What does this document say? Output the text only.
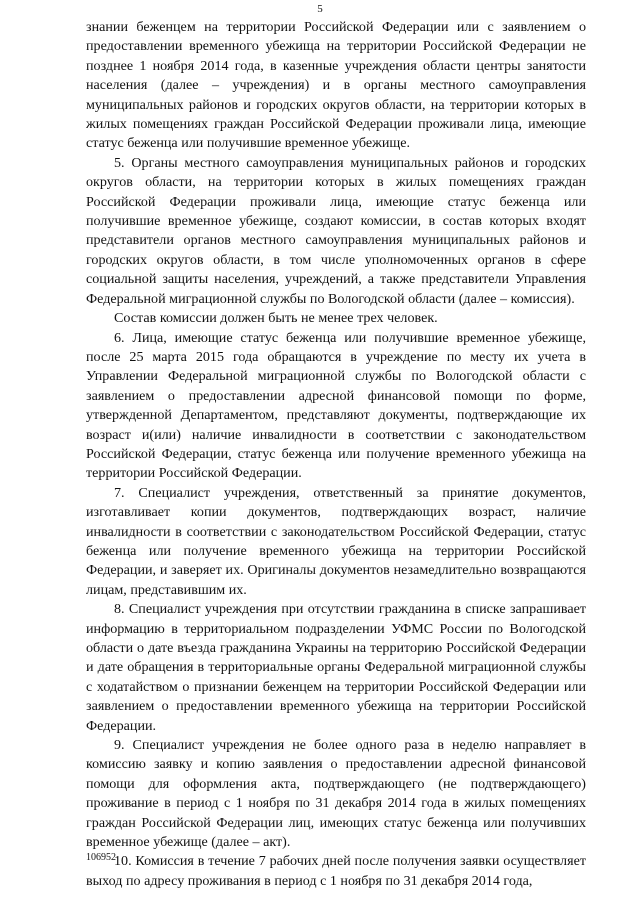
5

знании беженцем на территории Российской Федерации или с заявлением о предоставлении временного убежища на территории Российской Федерации не позднее 1 ноября 2014 года, в казенные учреждения области центры занятости населения (далее – учреждения) и в органы местного самоуправления муниципальных районов и городских округов области, на территории которых в жилых помещениях граждан Российской Федерации проживали лица, имеющие статус беженца или получившие временное убежище.

5. Органы местного самоуправления муниципальных районов и городских округов области, на территории которых в жилых помещениях граждан Российской Федерации проживали лица, имеющие статус беженца или получившие временное убежище, создают комиссии, в состав которых входят представители органов местного самоуправления муниципальных районов и городских округов области, в том числе уполномоченных органов в сфере социальной защиты населения, учреждений, а также представители Управления Федеральной миграционной службы по Вологодской области (далее – комиссия).

Состав комиссии должен быть не менее трех человек.

6. Лица, имеющие статус беженца или получившие временное убежище, после 25 марта 2015 года обращаются в учреждение по месту их учета в Управлении Федеральной миграционной службы по Вологодской области с заявлением о предоставлении адресной финансовой помощи по форме, утвержденной Департаментом, представляют документы, подтверждающие их возраст и(или) наличие инвалидности в соответствии с законодательством Российской Федерации, статус беженца или получение временного убежища на территории Российской Федерации.

7. Специалист учреждения, ответственный за принятие документов, изготавливает копии документов, подтверждающих возраст, наличие инвалидности в соответствии с законодательством Российской Федерации, статус беженца или получение временного убежища на территории Российской Федерации, и заверяет их. Оригиналы документов незамедлительно возвращаются лицам, представившим их.

8. Специалист учреждения при отсутствии гражданина в списке запрашивает информацию в территориальном подразделении УФМС России по Вологодской области о дате въезда гражданина Украины на территорию Российской Федерации и дате обращения в территориальные органы Федеральной миграционной службы с ходатайством о признании беженцем на территории Российской Федерации или заявлением о предоставлении временного убежища на территории Российской Федерации.

9. Специалист учреждения не более одного раза в неделю направляет в комиссию заявку и копию заявления о предоставлении адресной финансовой помощи для оформления акта, подтверждающего (не подтверждающего) проживание в период с 1 ноября по 31 декабря 2014 года в жилых помещениях граждан Российской Федерации лиц, имеющих статус беженца или получивших временное убежище (далее – акт).

10. Комиссия в течение 7 рабочих дней после получения заявки осуществляет выход по адресу проживания в период с 1 ноября по 31 декабря 2014 года,

106952
